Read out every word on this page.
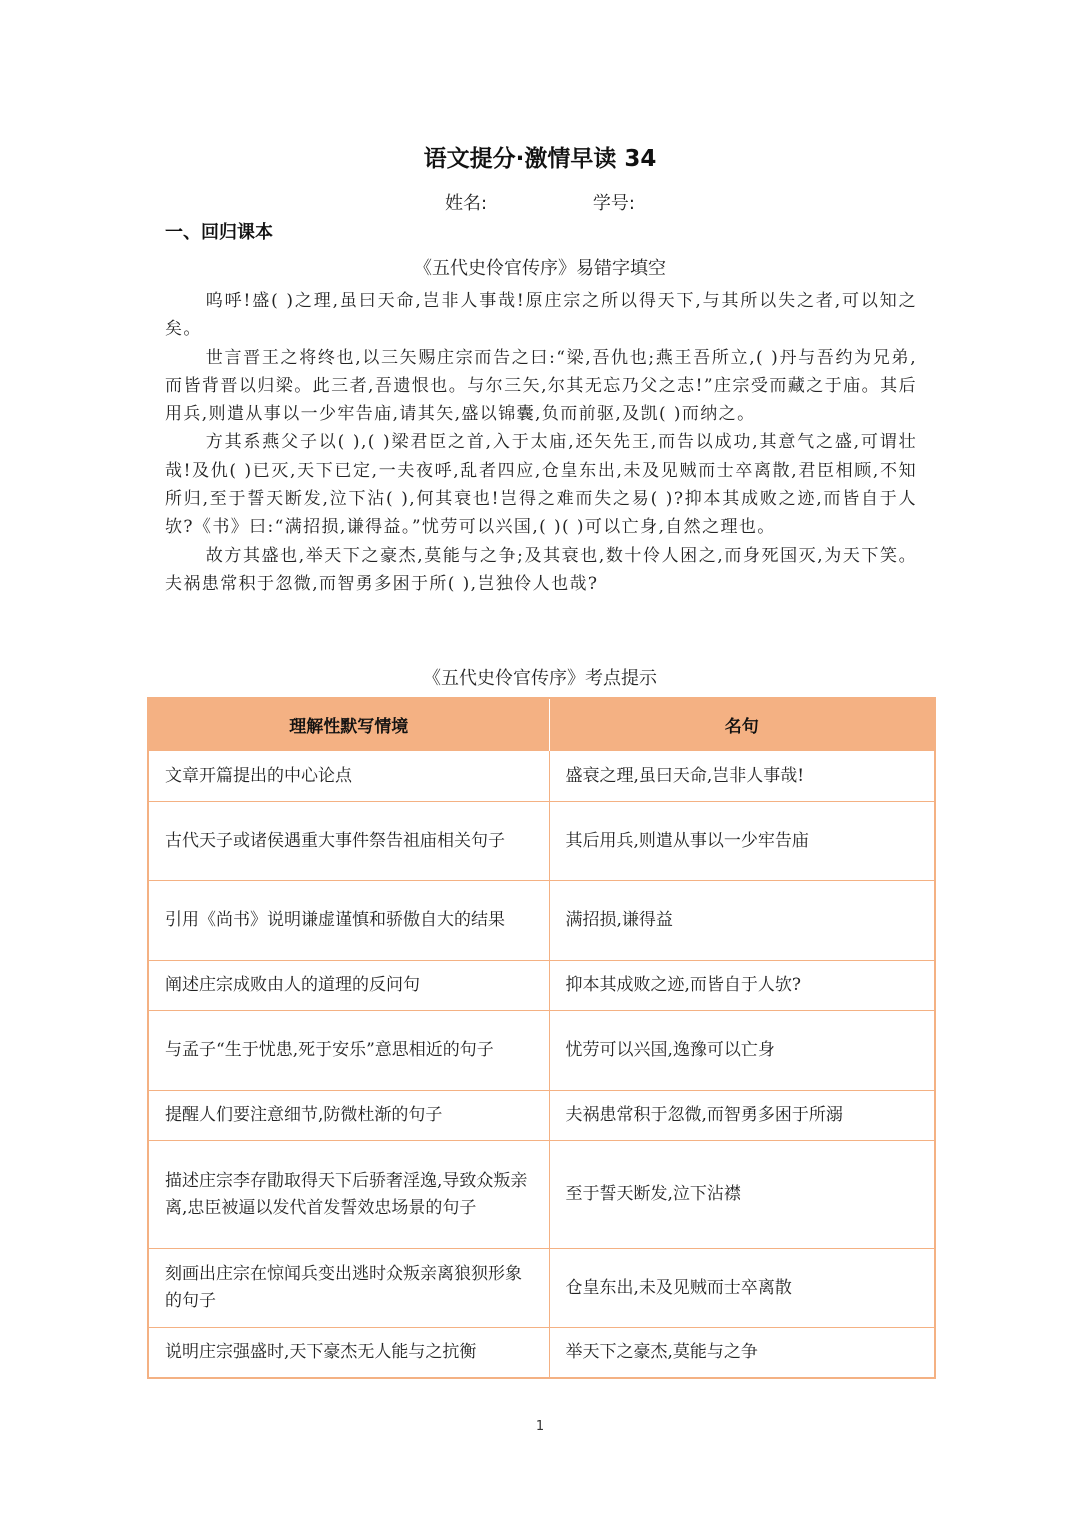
语文提分·激情早读 34
姓名:	学号:
一、回归课本
《五代史伶官传序》易错字填空

呜呼!盛( )之理,虽曰天命,岂非人事哉!原庄宗之所以得天下,与其所以失之者,可以知之矣。

世言晋王之将终也,以三矢赐庄宗而告之曰:“梁,吾仇也;燕王吾所立,( )丹与吾约为兄弟,而皆背晋以归梁。此三者,吾遗恨也。与尔三矢,尔其无忘乃父之志!”庄宗受而藏之于庙。其后用兵,则遣从事以一少牢告庙,请其矢,盛以锦囊,负而前驱,及凯( )而纳之。

方其系燕父子以( ),( )梁君臣之首,入于太庙,还矢先王,而告以成功,其意气之盛,可谓壮哉!及仇( )已灭,天下已定,一夫夜呼,乱者四应,仓皇东出,未及见贼而士卒离散,君臣相顾,不知所归,至于誓天断发,泣下沾( ),何其衰也!岂得之难而失之易( )?抑本其成败之迹,而皆自于人欤?《书》曰:“满招损,谦得益。”忧劳可以兴国,( )( )可以亡身,自然之理也。

故方其盛也,举天下之豪杰,莫能与之争;及其衰也,数十伶人困之,而身死国灭,为天下笑。夫祸患常积于忽微,而智勇多困于所( ),岂独伶人也哉?

《五代史伶官传序》考点提示
理解性默写情境	名句
文章开篇提出的中心论点	盛衰之理,虽曰天命,岂非人事哉!
古代天子或诸侯遇重大事件祭告祖庙相关句子	其后用兵,则遣从事以一少牢告庙
引用《尚书》说明谦虚谨慎和骄傲自大的结果	满招损,谦得益
阐述庄宗成败由人的道理的反问句	抑本其成败之迹,而皆自于人欤?
与孟子“生于忧患,死于安乐”意思相近的句子	忧劳可以兴国,逸豫可以亡身
提醒人们要注意细节,防微杜渐的句子	夫祸患常积于忽微,而智勇多困于所溺
描述庄宗李存勖取得天下后骄奢淫逸,导致众叛亲离,忠臣被逼以发代首发誓效忠场景的句子	至于誓天断发,泣下沾襟
刻画出庄宗在惊闻兵变出逃时众叛亲离狼狈形象的句子	仓皇东出,未及见贼而士卒离散
说明庄宗强盛时,天下豪杰无人能与之抗衡	举天下之豪杰,莫能与之争
1
